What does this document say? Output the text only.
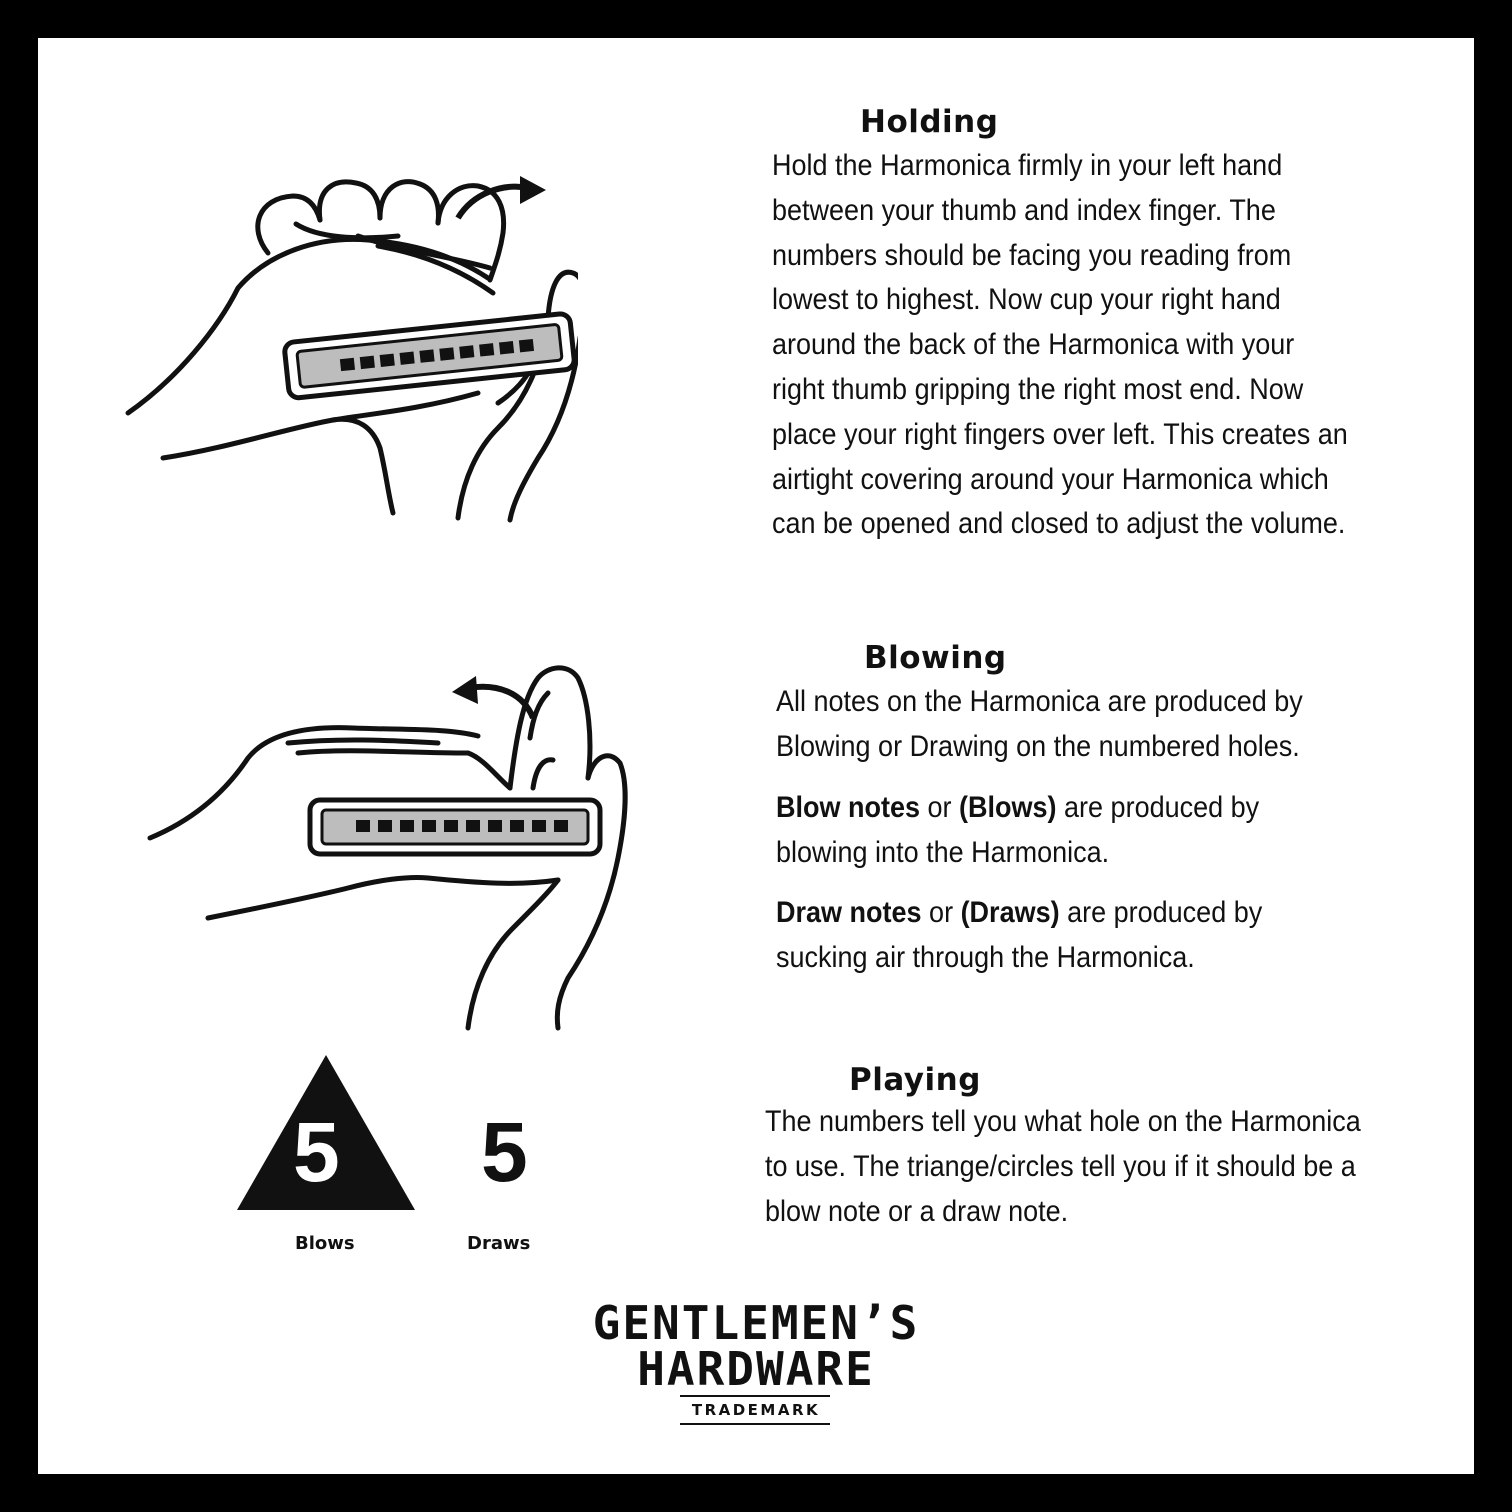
Holding
Hold the Harmonica firmly in your left hand
between your thumb and index finger. The
numbers should be facing you reading from
lowest to highest. Now cup your right hand
around the back of the Harmonica with your
right thumb gripping the right most end. Now
place your right fingers over left. This creates an
airtight covering around your Harmonica which
can be opened and closed to adjust the volume.
Blowing
All notes on the Harmonica are produced by
Blowing or Drawing on the numbered holes.
Blow notes or (Blows) are produced by
blowing into the Harmonica.
Draw notes or (Draws) are produced by
sucking air through the Harmonica.
Playing
The numbers tell you what hole on the Harmonica
to use. The triange/circles tell you if it should be a
blow note or a draw note.
5 5
Blows	Draws
GENTLEMEN’S
HARDWARE
TRADEMARK
